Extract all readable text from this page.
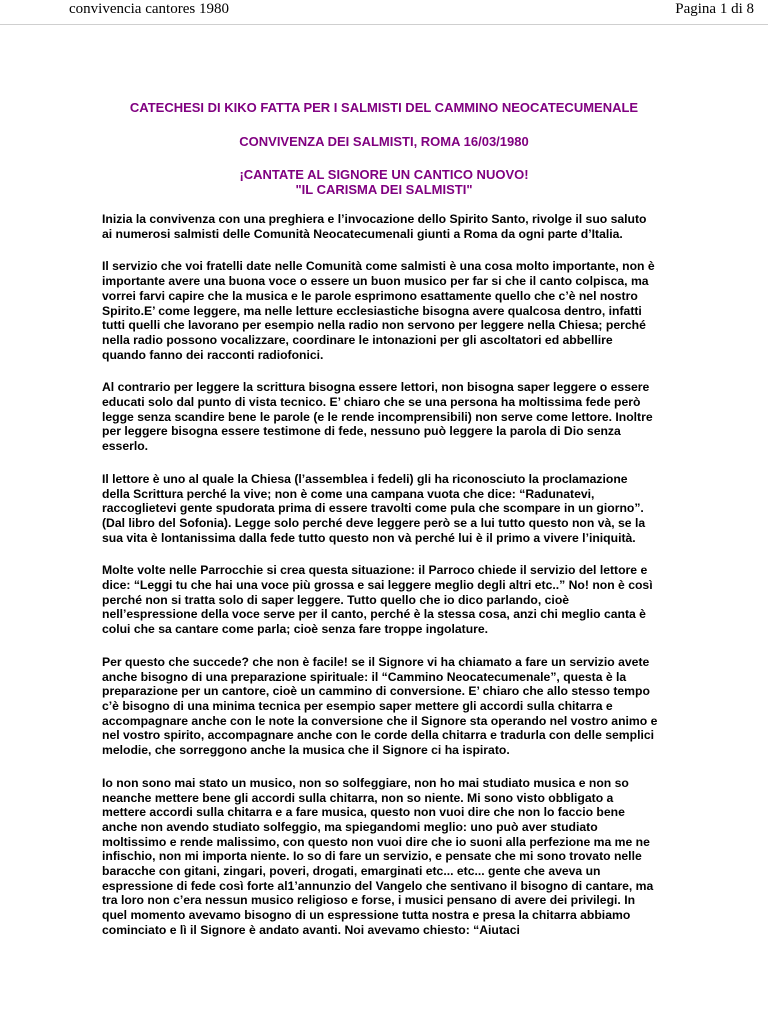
convivencia cantores 1980	Pagina 1 di 8
CATECHESI DI KIKO FATTA PER I SALMISTI DEL CAMMINO NEOCATECUMENALE
CONVIVENZA DEI SALMISTI, ROMA 16/03/1980
¡CANTATE AL SIGNORE UN CANTICO NUOVO!
"IL CARISMA DEI SALMISTI"

Inizia la convivenza con una preghiera e l’invocazione dello Spirito Santo, rivolge il suo saluto ai numerosi salmisti delle Comunità Neocatecumenali giunti a Roma da ogni parte d’Italia.

Il servizio che voi fratelli date nelle Comunità come salmisti è una cosa molto importante, non è importante avere una buona voce o essere un buon musico per far si che il canto colpisca, ma vorrei farvi capire che la musica e le parole esprimono esattamente quello che c’è nel nostro Spirito.E’ come leggere, ma nelle letture ecclesiastiche bisogna avere qualcosa dentro, infatti tutti quelli che lavorano per esempio nella radio non servono per leggere nella Chiesa; perché nella radio possono vocalizzare, coordinare le intonazioni per gli ascoltatori ed abbellire quando fanno dei racconti radiofonici.

Al contrario per leggere la scrittura bisogna essere lettori, non bisogna saper leggere o essere educati solo dal punto di vista tecnico. E’ chiaro che se una persona ha moltissima fede però legge senza scandire bene le parole (e le rende incomprensibili) non serve come lettore. Inoltre per leggere bisogna essere testimone di fede, nessuno può leggere la parola di Dio senza esserlo.

Il lettore è uno al quale la Chiesa (l’assemblea i fedeli) gli ha riconosciuto la proclamazione della Scrittura perché la vive; non è come una campana vuota che dice: “Radunatevi, raccoglietevi gente spudorata prima di essere travolti come pula che scompare in un giorno”. (Dal libro del Sofonia). Legge solo perché deve leggere però se a lui tutto questo non và, se la sua vita è lontanissima dalla fede tutto questo non và perché lui è il primo a vivere l’iniquità.

Molte volte nelle Parrocchie si crea questa situazione: il Parroco chiede il servizio del lettore e dice: “Leggi tu che hai una voce più grossa e sai leggere meglio degli altri etc..” No! non è così perché non si tratta solo di saper leggere. Tutto quello che io dico parlando, cioè nell’espressione della voce serve per il canto, perché è la stessa cosa, anzi chi meglio canta è colui che sa cantare come parla; cioè senza fare troppe ingolature.

Per questo che succede? che non è facile! se il Signore vi ha chiamato a fare un servizio avete anche bisogno di una preparazione spirituale: il “Cammino Neocatecumenale”, questa è la preparazione per un cantore, cioè un cammino di conversione. E’ chiaro che allo stesso tempo c’è bisogno di una minima tecnica per esempio saper mettere gli accordi sulla chitarra e accompagnare anche con le note la conversione che il Signore sta operando nel vostro animo e nel vostro spirito, accompagnare anche con le corde della chitarra e tradurla con delle semplici melodie, che sorreggono anche la musica che il Signore ci ha ispirato.

Io non sono mai stato un musico, non so solfeggiare, non ho mai studiato musica e non so neanche mettere bene gli accordi sulla chitarra, non so niente. Mi sono visto obbligato a mettere accordi sulla chitarra e a fare musica, questo non vuoi dire che non lo faccio bene anche non avendo studiato solfeggio, ma spiegandomi meglio: uno può aver studiato moltissimo e rende malissimo, con questo non vuoi dire che io suoni alla perfezione ma me ne infischio, non mi importa niente. Io so di fare un servizio, e pensate che mi sono trovato nelle baracche con gitani, zingari, poveri, drogati, emarginati etc... etc... gente che aveva un espressione di fede così forte al1’annunzio del Vangelo che sentivano il bisogno di cantare, ma tra loro non c’era nessun musico religioso e forse, i musici pensano di avere dei privilegi. In quel momento avevamo bisogno di un espressione tutta nostra e presa la chitarra abbiamo cominciato e lì il Signore è andato avanti. Noi avevamo chiesto: “Aiutaci
